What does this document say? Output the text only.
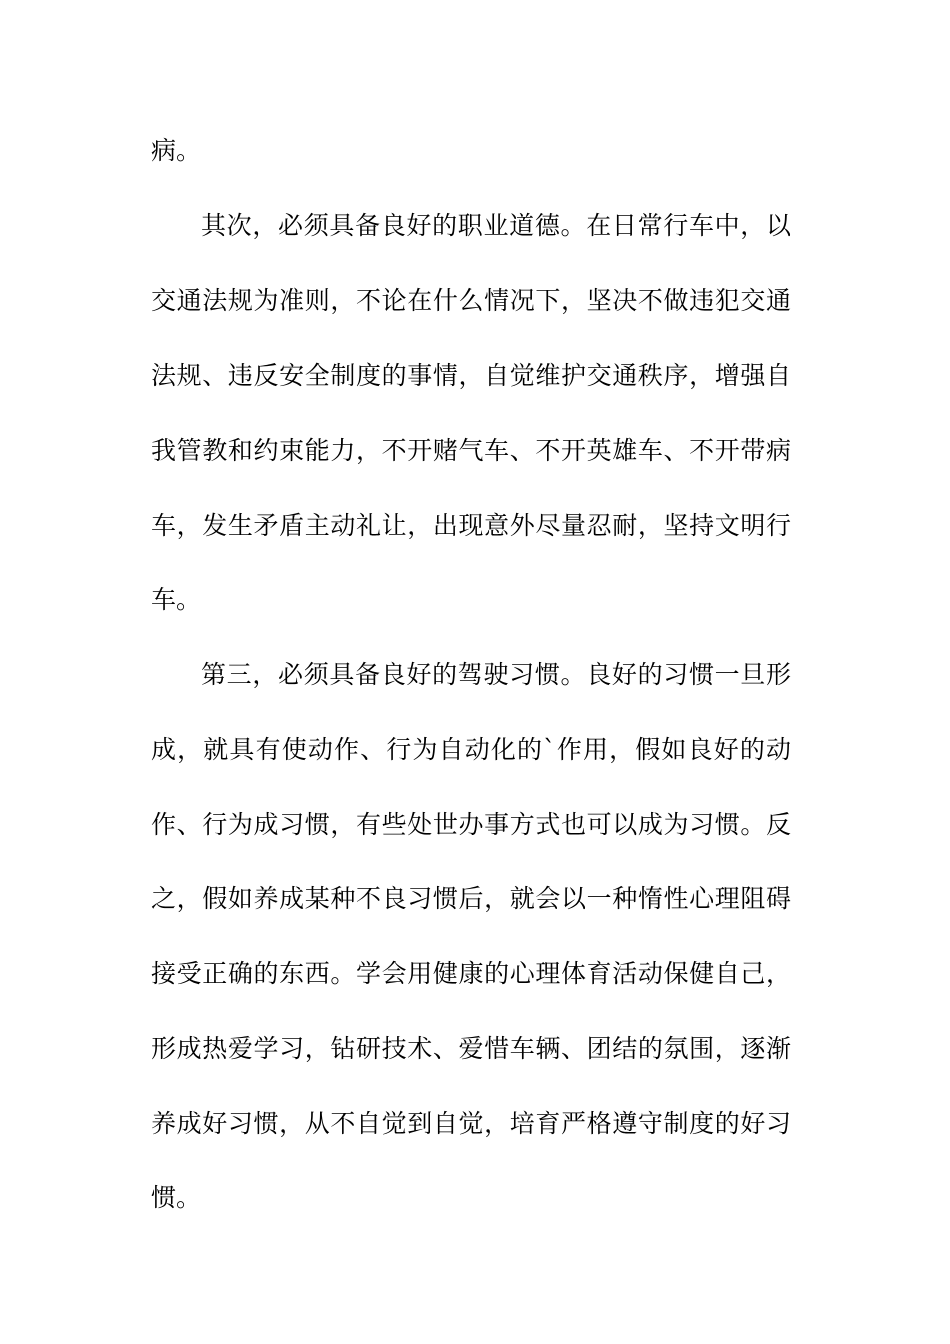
病。
其次，必须具备良好的职业道德。在日常行车中，以
交通法规为准则，不论在什么情况下，坚决不做违犯交通
法规、违反安全制度的事情，自觉维护交通秩序，增强自
我管教和约束能力，不开赌气车、不开英雄车、不开带病
车，发生矛盾主动礼让，出现意外尽量忍耐，坚持文明行
车。
第三，必须具备良好的驾驶习惯。良好的习惯一旦形
成，就具有使动作、行为自动化的`作用，假如良好的动
作、行为成习惯，有些处世办事方式也可以成为习惯。反
之，假如养成某种不良习惯后，就会以一种惰性心理阻碍
接受正确的东西。学会用健康的心理体育活动保健自己，
形成热爱学习，钻研技术、爱惜车辆、团结的氛围，逐渐
养成好习惯，从不自觉到自觉，培育严格遵守制度的好习
惯。
